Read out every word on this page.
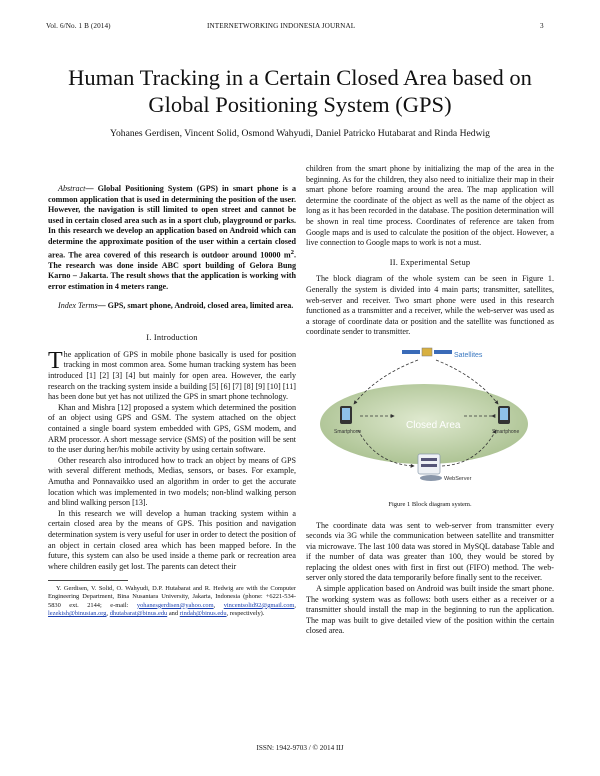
Vol. 6/No. 1 B (2014)	INTERNETWORKING INDONESIA JOURNAL	3
Human Tracking in a Certain Closed Area based on Global Positioning System (GPS)
Yohanes Gerdisen, Vincent Solid, Osmond Wahyudi, Daniel Patricko Hutabarat and Rinda Hedwig

Abstract— Global Positioning System (GPS) in smart phone is a common application that is used in determining the position of the user. However, the navigation is still limited to open street and cannot be used in certain closed area such as in a sport club, playground or parks. In this research we develop an application based on Android which can determine the approximate position of the user within a certain closed area. The area covered of this research is outdoor around 10000 $m^2$. The research was done inside ABC sport building of Gelora Bung Karno – Jakarta. The result shows that the application is working with error estimation in 4 meters range.

Index Terms— GPS, smart phone, Android, closed area, limited area.

I. Introduction

The application of GPS in mobile phone basically is used for position tracking in most common area. Some human tracking system has been introduced [1] [2] [3] [4] but mainly for open area. However, the early research on the tracking system inside a building [5] [6] [7] [8] [9] [10] [11] has been done but yet has not utilized the GPS in smart phone technology.

Khan and Mishra [12] proposed a system which determined the position of an object using GPS and GSM. The system attached on the object contained a single board system embedded with GPS, GSM modem, and ARM processor. A short message service (SMS) of the position will be sent to the user during her/his mobile activity by using certain software.

Other research also introduced how to track an object by means of GPS with several different methods, Medias, sensors, or bases. For example, Amutha and Ponnavaikko used an algorithm in order to get the accurate location which was implemented in two models; non-blind walking person and blind walking person [13].

In this research we will develop a human tracking system within a certain closed area by the means of GPS. This position and navigation determination system is very useful for user in order to detect the position of an object in certain closed area which has been mapped before. In the future, this system can also be used inside a theme park or recreation area where children easily get lost. The parents can detect their

Y. Gerdisen, V. Solid, O. Wahyudi, D.P. Hutabarat and R. Hedwig are with the Computer Engineering Department, Bina Nusantara University, Jakarta, Indonesia (phone: +6221-534-5830 ext. 2144; e-mail: yohanesgerdisen@yahoo.com, vincentsolid92@gmail.com, lezekish@binusian.org, dhutabarat@binus.edu and rindah@binus.edu, respectively).

children from the smart phone by initializing the map of the area in the beginning. As for the children, they also need to initialize their map in their smart phone before roaming around the area. The map application will determine the coordinate of the object as well as the name of the object as long as it has been recorded in the database. The position determination will be shown in real time process. Coordinates of reference are taken from Google maps and is used to calculate the position of the object. However, a live connection to Google maps to work is not a must.

II. Experimental Setup

The block diagram of the whole system can be seen in Figure 1. Generally the system is divided into 4 main parts; transmitter, satellites, web-server and receiver. Two smart phone were used in this research functioned as a transmitter and a receiver, while the web-server was used as a storage of coordinate data or position and the satellite was functioned as coordinate sender to transmitter.

Satellites
Smartphone	Smartphone
Closed Area
WebServer

Figure 1 Block diagram system.

The coordinate data was sent to web-server from transmitter every seconds via 3G while the communication between satellite and transmitter via microwave. The last 100 data was stored in MySQL database Table and if the number of data was greater than 100, they would be stored by replacing the oldest ones with first in first out (FIFO) method. The web-server only stored the data temporarily before finally sent to the receiver.

A simple application based on Android was built inside the smart phone. The working system was as follows: both users either as a receiver or a transmitter should install the map in the beginning to run the application. The map was built to give detailed view of the position within the certain closed area.

ISSN: 1942-9703 / © 2014 IIJ
